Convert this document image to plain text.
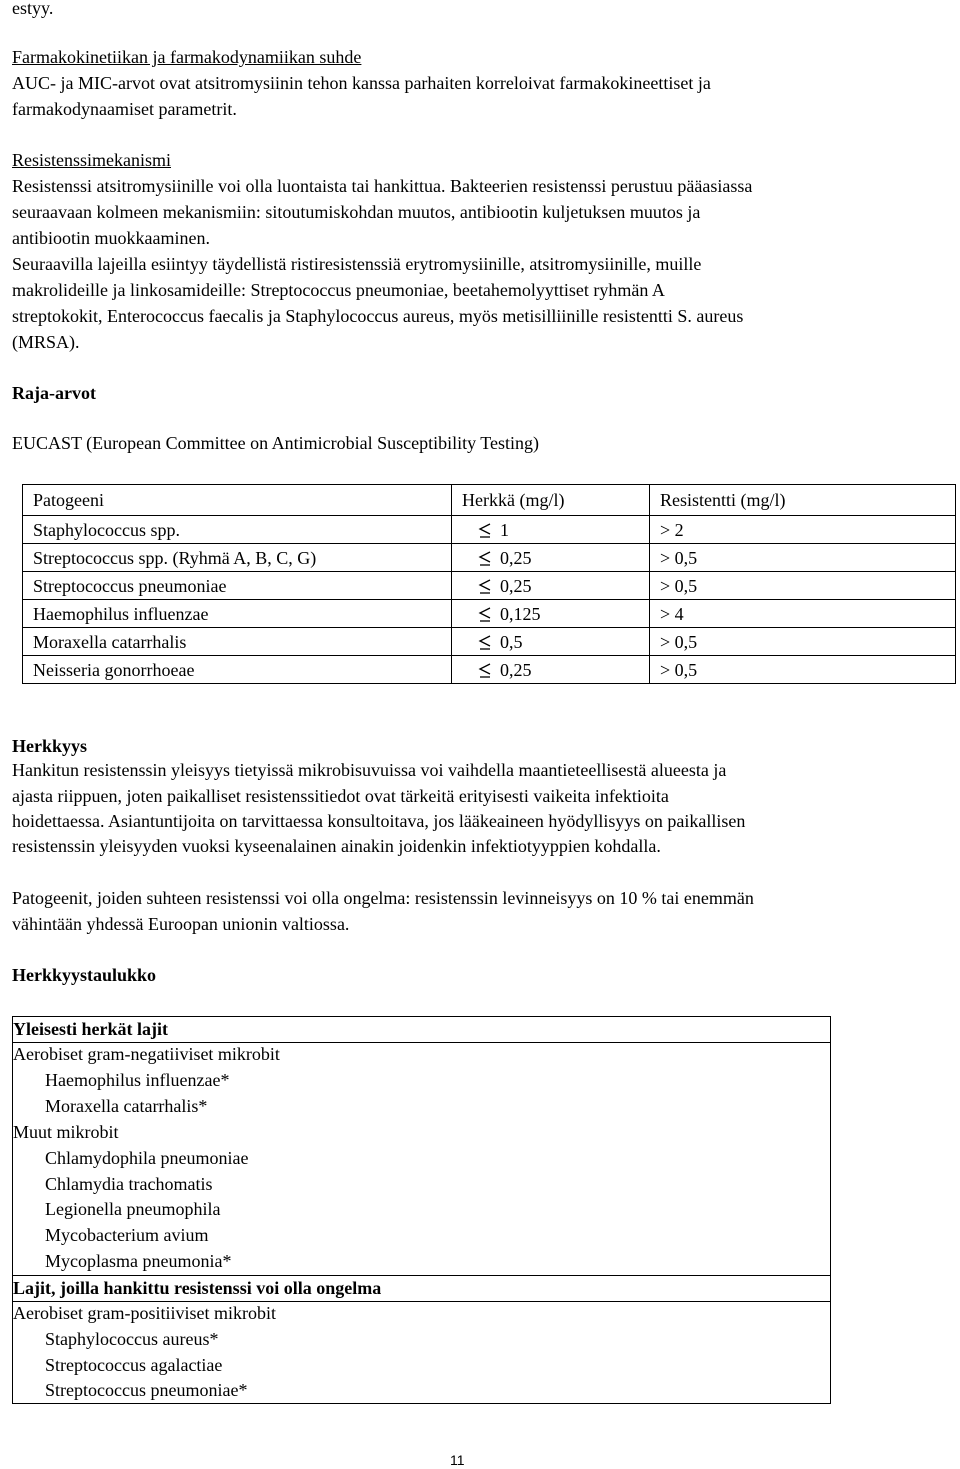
estyy.
Farmakokinetiikan ja farmakodynamiikan suhde
AUC- ja MIC-arvot ovat atsitromysiinin tehon kanssa parhaiten korreloivat farmakokineettiset ja
farmakodynaamiset parametrit.
Resistenssimekanismi
Resistenssi atsitromysiinille voi olla luontaista tai hankittua. Bakteerien resistenssi perustuu pääasiassa
seuraavaan kolmeen mekanismiin: sitoutumiskohdan muutos, antibiootin kuljetuksen muutos ja
antibiootin muokkaaminen.
Seuraavilla lajeilla esiintyy täydellistä ristiresistenssiä erytromysiinille, atsitromysiinille, muille
makrolideille ja linkosamideille: Streptococcus pneumoniae, beetahemolyyttiset ryhmän A
streptokokit, Enterococcus faecalis ja Staphylococcus aureus, myös metisilliinille resistentti S. aureus
(MRSA).
Raja-arvot
EUCAST (European Committee on Antimicrobial Susceptibility Testing)
Patogeeni	Herkkä (mg/l)	Resistentti (mg/l)
Staphylococcus spp.	1	> 2
Streptococcus spp. (Ryhmä A, B, C, G)	0,25	> 0,5
Streptococcus pneumoniae	0,25	> 0,5
Haemophilus influenzae	0,125	> 4
Moraxella catarrhalis	0,5	> 0,5
Neisseria gonorrhoeae	0,25	> 0,5
Herkkyys
Hankitun resistenssin yleisyys tietyissä mikrobisuvuissa voi vaihdella maantieteellisestä alueesta ja
ajasta riippuen, joten paikalliset resistenssitiedot ovat tärkeitä erityisesti vaikeita infektioita
hoidettaessa. Asiantuntijoita on tarvittaessa konsultoitava, jos lääkeaineen hyödyllisyys on paikallisen
resistenssin yleisyyden vuoksi kyseenalainen ainakin joidenkin infektiotyyppien kohdalla.
Patogeenit, joiden suhteen resistenssi voi olla ongelma: resistenssin levinneisyys on 10 % tai enemmän
vähintään yhdessä Euroopan unionin valtiossa.
Herkkyystaulukko
Yleisesti herkät lajit
Aerobiset gram-negatiiviset mikrobit
Haemophilus influenzae*
Moraxella catarrhalis*
Muut mikrobit
Chlamydophila pneumoniae
Chlamydia trachomatis
Legionella pneumophila
Mycobacterium avium
Mycoplasma pneumonia*
Lajit, joilla hankittu resistenssi voi olla ongelma
Aerobiset gram-positiiviset mikrobit
Staphylococcus aureus*
Streptococcus agalactiae
Streptococcus pneumoniae*
11
